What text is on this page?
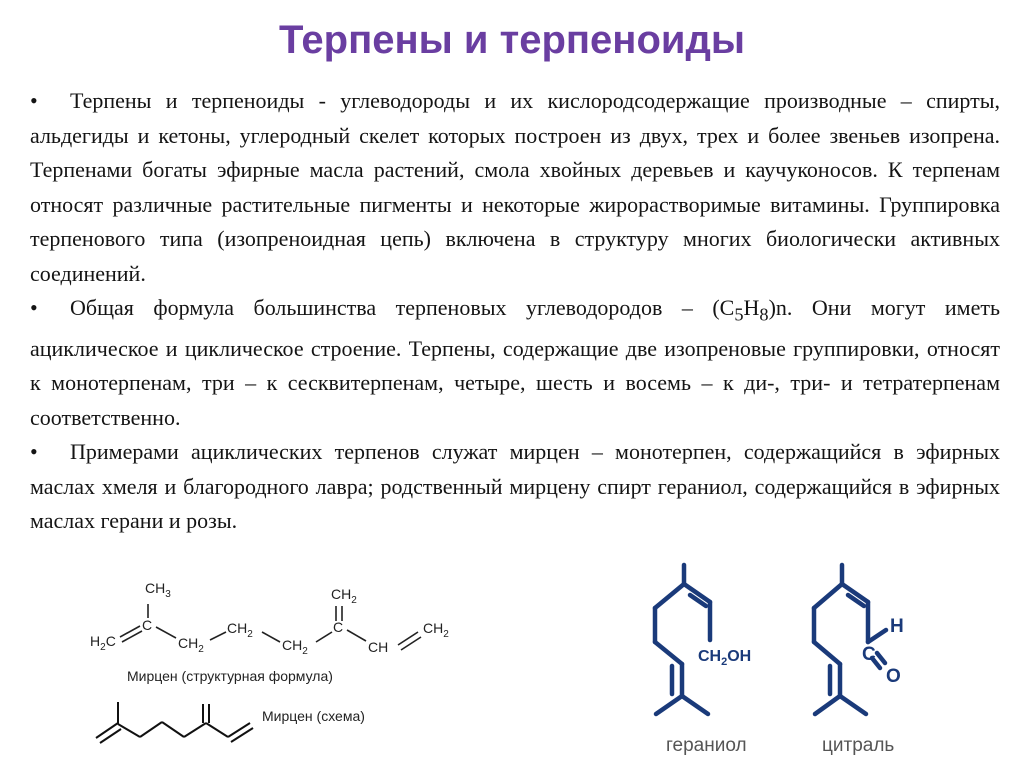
Терпены и терпеноиды

• Терпены и терпеноиды - углеводороды и их кислородсодержащие производные – спирты, альдегиды и кетоны, углеродный скелет которых построен из двух, трех и более звеньев изопрена. Терпенами богаты эфирные масла растений, смола хвойных деревьев и каучуконосов. К терпенам относят различные растительные пигменты и некоторые жирорастворимые витамины. Группировка терпенового типа (изопреноидная цепь) включена в структуру многих биологически активных соединений.

• Общая формула большинства терпеновых углеводородов – $(C_5H_8)n$. Они могут иметь ациклическое и циклическое строение. Терпены, содержащие две изопреновые группировки, относят к монотерпенам, три – к сесквитерпенам, четыре, шесть и восемь – к ди-, три- и тетратерпенам соответственно.

• Примерами ациклических терпенов служат мирцен – монотерпен, содержащийся в эфирных маслах хмеля и благородного лавра; родственный мирцену спирт гераниол, содержащийся в эфирных маслах герани и розы.

$CH_3$
C
$H_2C$	$CH_2$
$CH_2$
$CH_2$
C
$CH_2$
CH
$CH_2$
Мирцен (структурная формула)
Мирцен (схема)
$CH_2OH$
гераниол
H
C
O
цитраль
